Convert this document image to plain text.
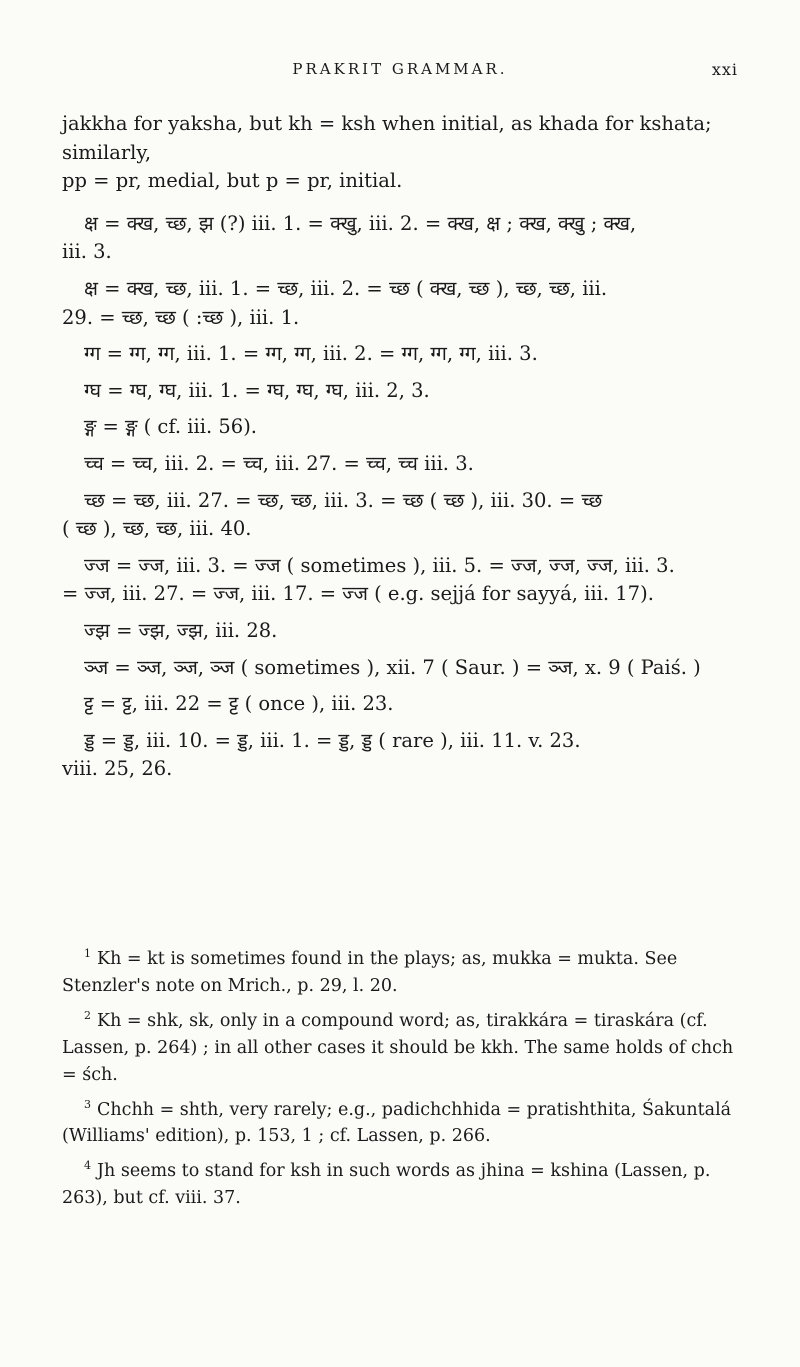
PRAKRIT GRAMMAR.	xxi

jakkha for yaksha, but kh = ksh when initial, as khada for kshata; similarly,

pp = pr, medial, but p = pr, initial.

क्ष = क्ख, च्छ, झ (?) iii. 1. = क्खु, iii. 2. = क्ख, क्ष ; क्ख, क्खु ; क्ख,

iii. 3.

क्ष = क्ख, च्छ, iii. 1. = च्छ, iii. 2. = च्छ ( क्ख, च्छ ), च्छ, च्छ, iii.

29. = च्छ, च्छ ( :च्छ ), iii. 1.

ग्ग = ग्ग, ग्ग, iii. 1. = ग्ग, ग्ग, iii. 2. = ग्ग, ग्ग, ग्ग, iii. 3.

ग्घ = ग्घ, ग्घ, iii. 1. = ग्घ, ग्घ, ग्घ, iii. 2, 3.

ङ्ग = ङ्ग ( cf. iii. 56).

च्च = च्च, iii. 2. = च्च, iii. 27. = च्च, च्च iii. 3.

च्छ = च्छ, iii. 27. = च्छ, च्छ, iii. 3. = च्छ ( च्छ ), iii. 30. = च्छ

( च्छ ), च्छ, च्छ, iii. 40.

ज्ज = ज्ज, iii. 3. = ज्ज ( sometimes ), iii. 5. = ज्ज, ज्ज, ज्ज, iii. 3.

= ज्ज, iii. 27. = ज्ज, iii. 17. = ज्ज ( e.g. sejjá for sayyá, iii. 17).

ज्झ = ज्झ, ज्झ, iii. 28.

ञ्ज = ञ्ज, ञ्ज, ञ्ज ( sometimes ), xii. 7 ( Saur. ) = ञ्ज, x. 9 ( Paiś. )

ट्ट = ट्ट, iii. 22 = ट्ट ( once ), iii. 23.

ड्ड = ड्ड, iii. 10. = ड्ड, iii. 1. = ड्ड, ड्ड ( rare ), iii. 11. v. 23.

viii. 25, 26.

$^1$ Kh = kt is sometimes found in the plays; as, mukka = mukta. See Stenzler's note on Mrich., p. 29, l. 20.

$^2$ Kh = shk, sk, only in a compound word; as, tirakkára = tiraskára (cf. Lassen, p. 264) ; in all other cases it should be kkh. The same holds of chch = śch.

$^3$ Chchh = shth, very rarely; e.g., padichchhida = pratishthita, Śakuntalá (Williams' edition), p. 153, 1 ; cf. Lassen, p. 266.

$^4$ Jh seems to stand for ksh in such words as jhina = kshina (Lassen, p. 263), but cf. viii. 37.
